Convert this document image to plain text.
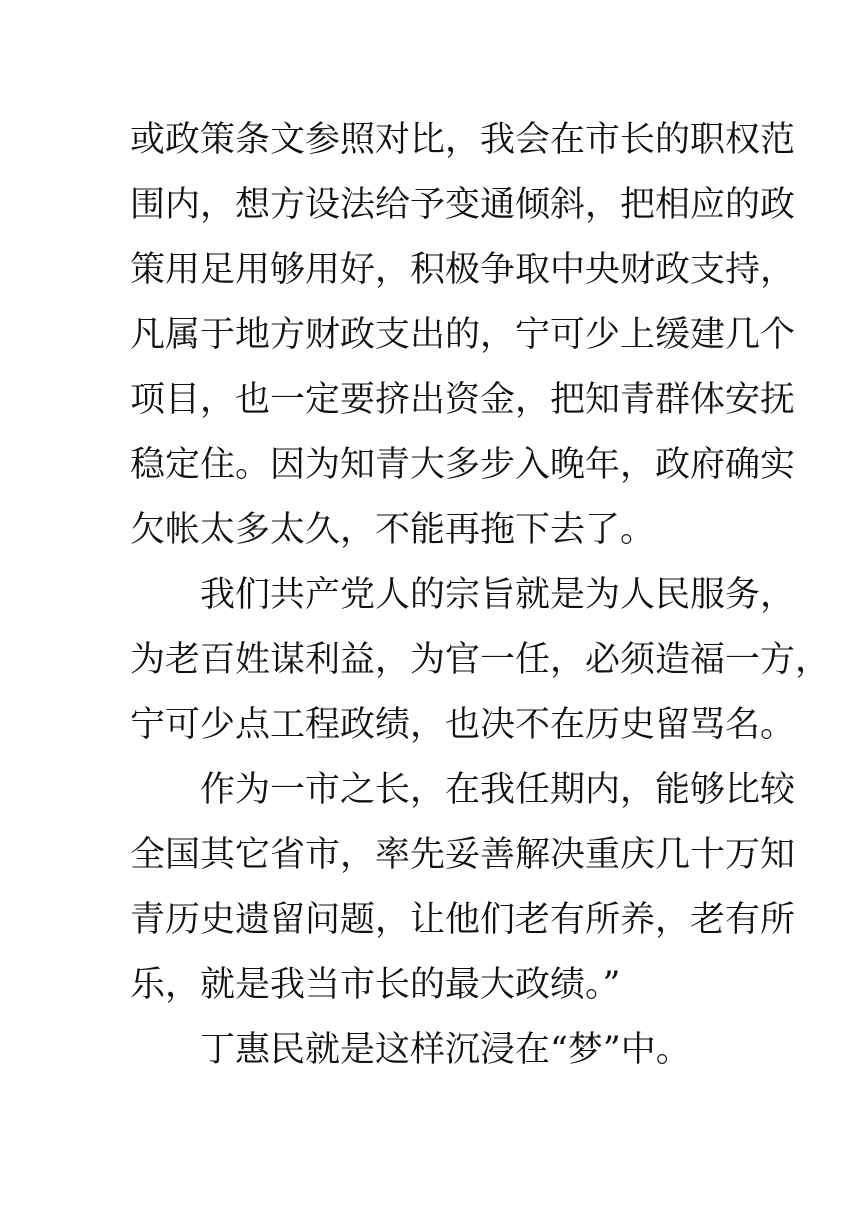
或政策条文参照对比，我会在市长的职权范
围内，想方设法给予变通倾斜，把相应的政
策用足用够用好，积极争取中央财政支持，
凡属于地方财政支出的，宁可少上缓建几个
项目，也一定要挤出资金，把知青群体安抚
稳定住。因为知青大多步入晚年，政府确实
欠帐太多太久，不能再拖下去了。
　　我们共产党人的宗旨就是为人民服务，
为老百姓谋利益，为官一任，必须造福一方，
宁可少点工程政绩，也决不在历史留骂名。
　　作为一市之长，在我任期内，能够比较
全国其它省市，率先妥善解决重庆几十万知
青历史遗留问题，让他们老有所养，老有所
乐，就是我当市长的最大政绩。”
　　丁惠民就是这样沉浸在“梦”中。
